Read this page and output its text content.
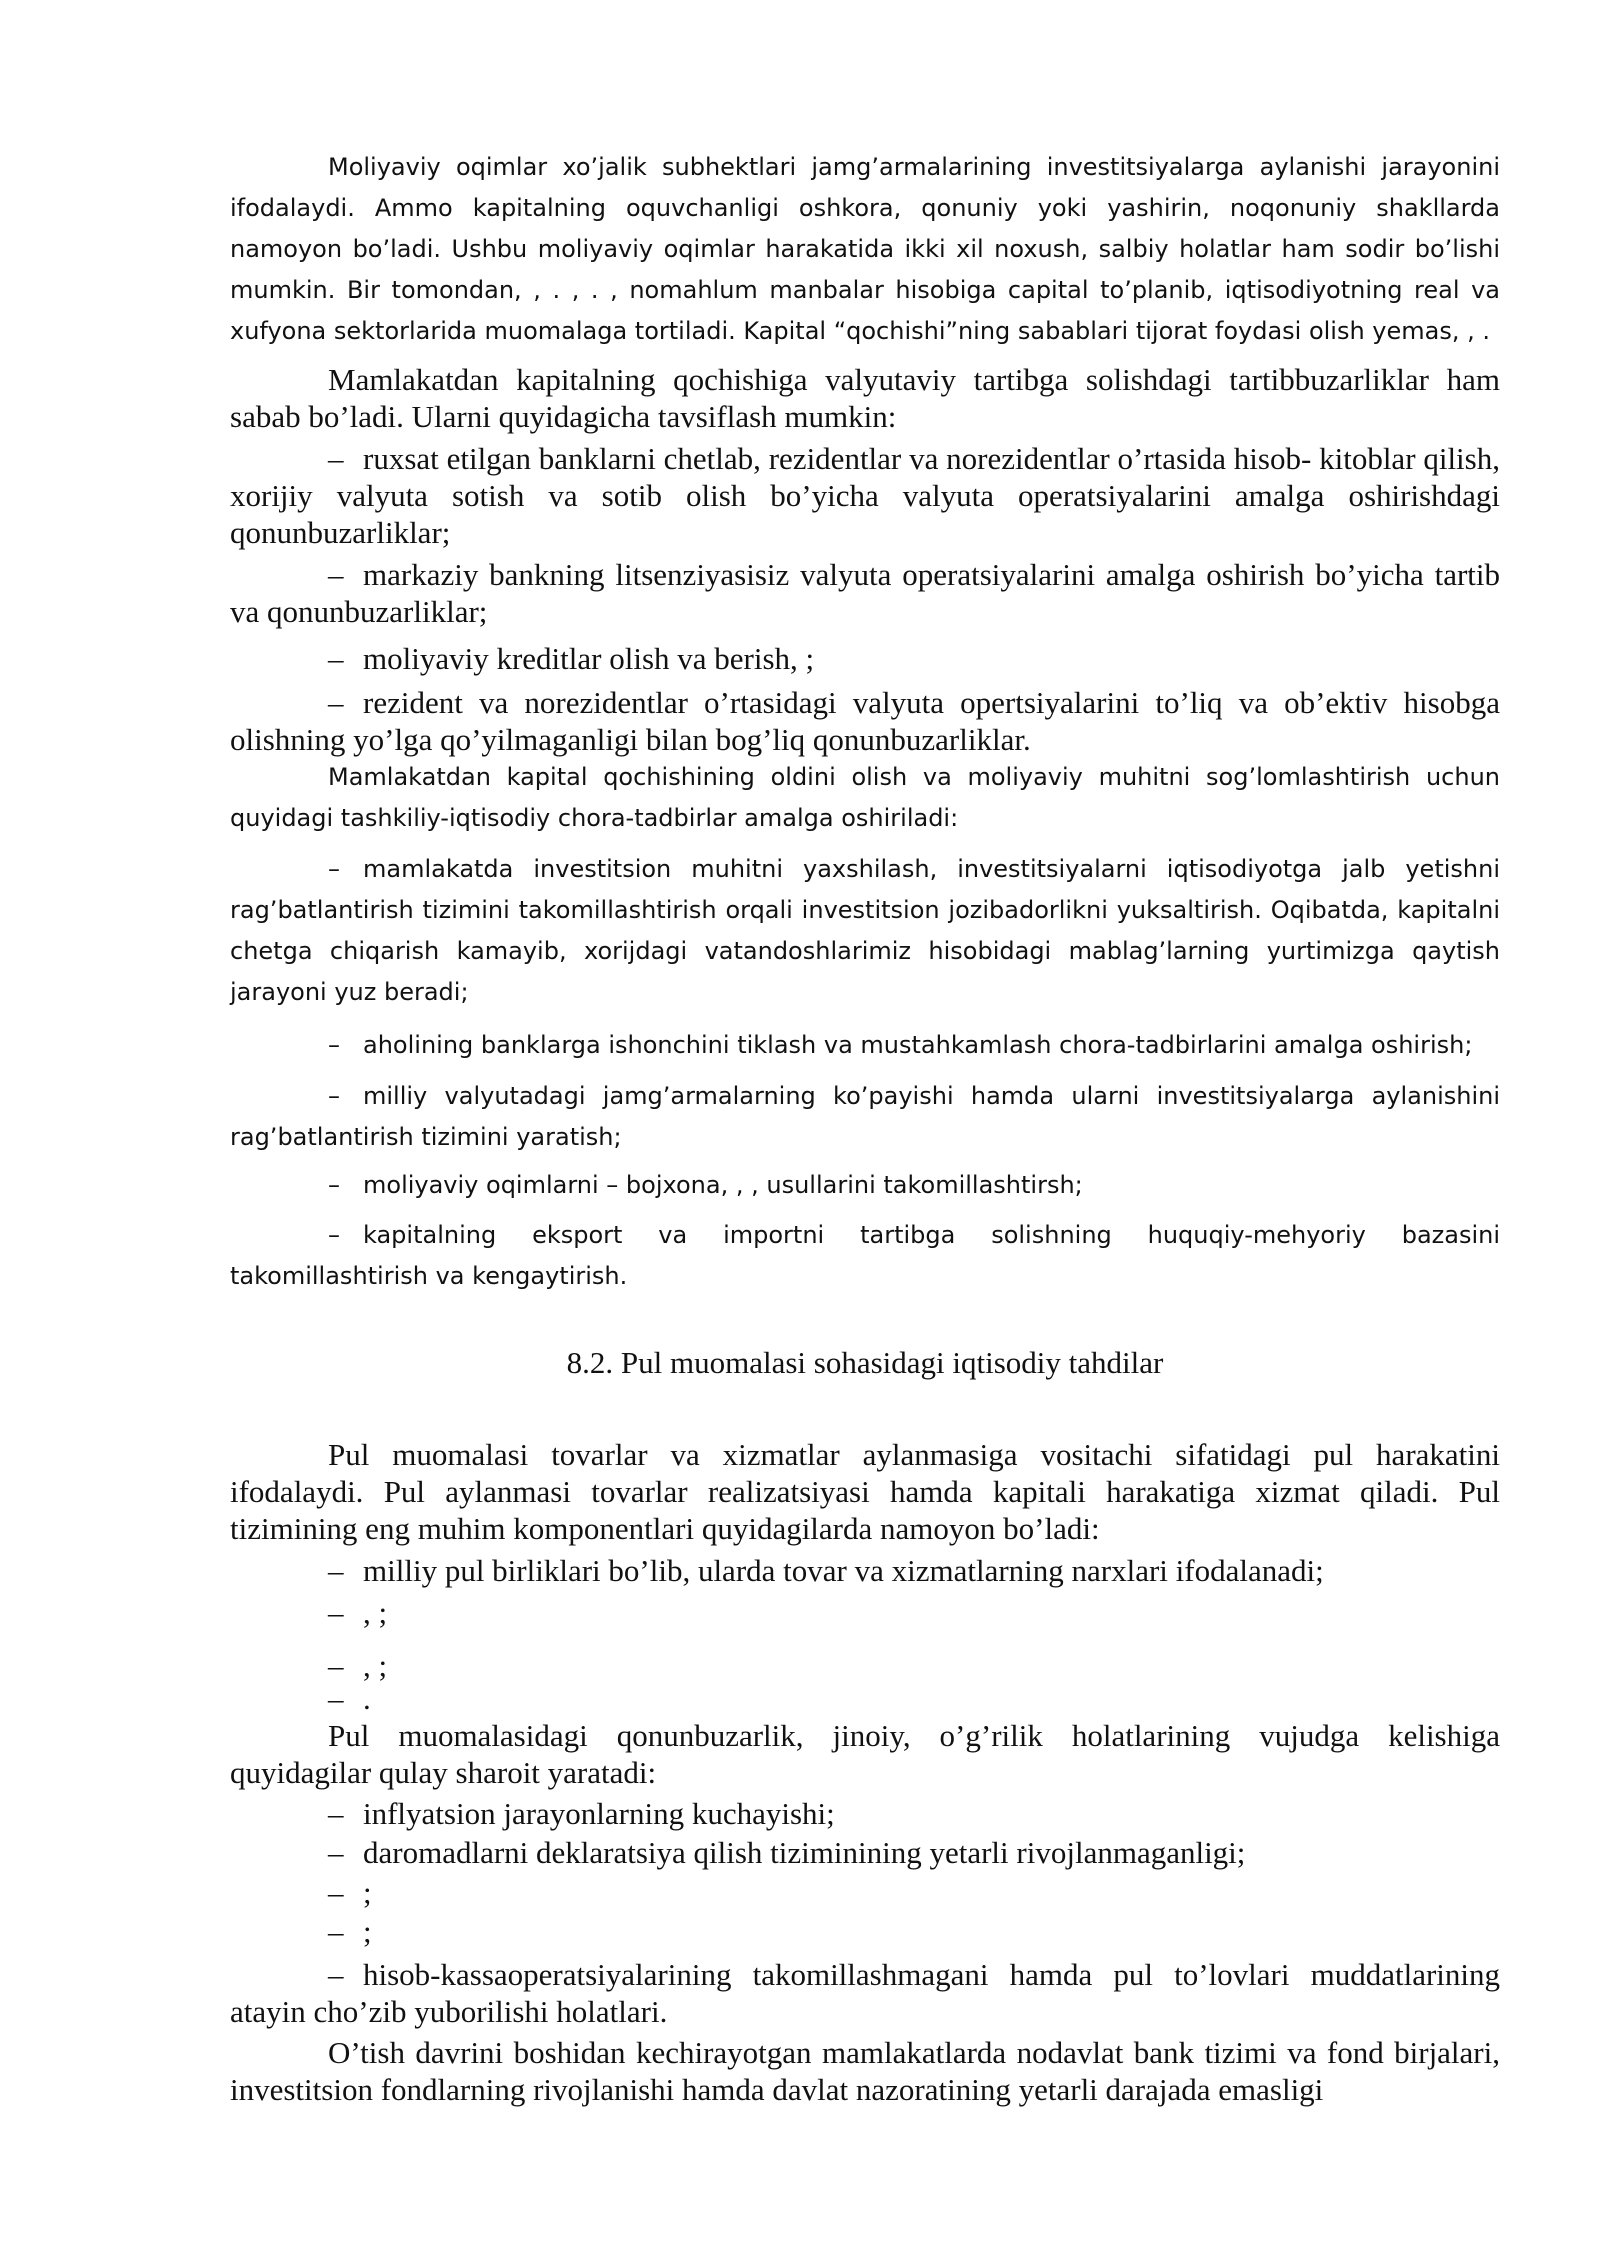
Moliyaviy oqimlar xo’jalik subhektlari jamg’armalarining investitsiyalarga aylanishi jarayonini ifodalaydi. Ammo kapitalning oquvchanligi oshkora, qonuniy yoki yashirin, noqonuniy shakllarda namoyon bo’ladi. Ushbu moliyaviy oqimlar harakatida ikki xil noxush, salbiy holatlar ham sodir bo’lishi mumkin. Bir tomondan, , . , . , nomahlum manbalar hisobiga capital to’planib, iqtisodiyotning real va xufyona sektorlarida muomalaga tortiladi. Kapital “qochishi”ning sabablari tijorat foydasi olish yemas, , .

Mamlakatdan kapitalning qochishiga valyutaviy tartibga solishdagi tartibbuzarliklar ham sabab bo’ladi. Ularni quyidagicha tavsiflash mumkin:

– ruxsat etilgan banklarni chetlab, rezidentlar va norezidentlar o’rtasida hisob- kitoblar qilish, xorijiy valyuta sotish va sotib olish bo’yicha valyuta operatsiyalarini amalga oshirishdagi qonunbuzarliklar;
– markaziy bankning litsenziyasisiz valyuta operatsiyalarini amalga oshirish bo’yicha tartib va qonunbuzarliklar;
– moliyaviy kreditlar olish va berish, ;
– rezident va norezidentlar o’rtasidagi valyuta opertsiyalarini to’liq va ob’ektiv hisobga olishning yo’lga qo’yilmaganligi bilan bog’liq qonunbuzarliklar.

Mamlakatdan kapital qochishining oldini olish va moliyaviy muhitni sog’lomlashtirish uchun quyidagi tashkiliy-iqtisodiy chora-tadbirlar amalga oshiriladi:

– mamlakatda investitsion muhitni yaxshilash, investitsiyalarni iqtisodiyotga jalb yetishni rag’batlantirish tizimini takomillashtirish orqali investitsion jozibadorlikni yuksaltirish. Oqibatda, kapitalni chetga chiqarish kamayib, xorijdagi vatandoshlarimiz hisobidagi mablag’larning yurtimizga qaytish jarayoni yuz beradi;
– aholining banklarga ishonchini tiklash va mustahkamlash chora-tadbirlarini amalga oshirish;
– milliy valyutadagi jamg’armalarning ko’payishi hamda ularni investitsiyalarga aylanishini rag’batlantirish tizimini yaratish;
– moliyaviy oqimlarni – bojxona, , , usullarini takomillashtirsh;
– kapitalning eksport va importni tartibga solishning huquqiy-mehyoriy bazasini takomillashtirish va kengaytirish.
8.2. Pul muomalasi sohasidagi iqtisodiy tahdilar

Pul muomalasi tovarlar va xizmatlar aylanmasiga vositachi sifatidagi pul harakatini ifodalaydi. Pul aylanmasi tovarlar realizatsiyasi hamda kapitali harakatiga xizmat qiladi. Pul tizimining eng muhim komponentlari quyidagilarda namoyon bo’ladi:

– milliy pul birliklari bo’lib, ularda tovar va xizmatlarning narxlari ifodalanadi;
– , ;
– , ;
– .

Pul muomalasidagi qonunbuzarlik, jinoiy, o’g’rilik holatlarining vujudga kelishiga quyidagilar qulay sharoit yaratadi:

– inflyatsion jarayonlarning kuchayishi;
– daromadlarni deklaratsiya qilish tiziminining yetarli rivojlanmaganligi;
– ;
– ;
– hisob-kassaoperatsiyalarining takomillashmagani hamda pul to’lovlari muddatlarining atayin cho’zib yuborilishi holatlari.

O’tish davrini boshidan kechirayotgan mamlakatlarda nodavlat bank tizimi va fond birjalari, investitsion fondlarning rivojlanishi hamda davlat nazoratining yetarli darajada emasligi
